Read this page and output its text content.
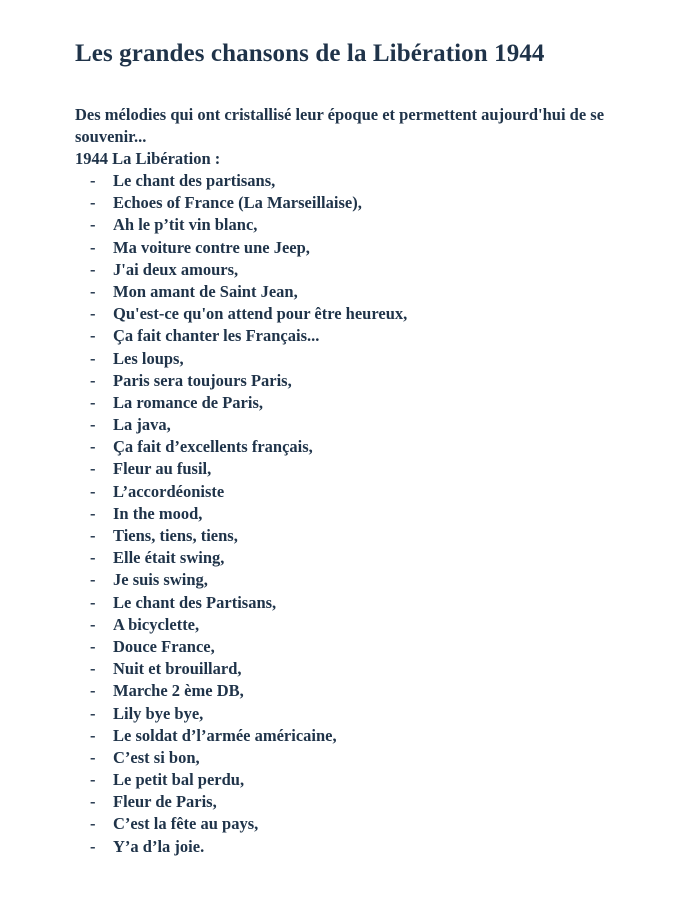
Les grandes chansons de la Libération 1944

Des mélodies qui ont cristallisé leur époque et permettent aujourd'hui de se souvenir...

1944 La Libération :

- Le chant des partisans,
- Echoes of France (La Marseillaise),
- Ah le p’tit vin blanc,
- Ma voiture contre une Jeep,
- J'ai deux amours,
- Mon amant de Saint Jean,
- Qu'est-ce qu'on attend pour être heureux,
- Ça fait chanter les Français...
- Les loups,
- Paris sera toujours Paris,
- La romance de Paris,
- La java,
- Ça fait d’excellents français,
- Fleur au fusil,
- L’accordéoniste
- In the mood,
- Tiens, tiens, tiens,
- Elle était swing,
- Je suis swing,
- Le chant des Partisans,
- A bicyclette,
- Douce France,
- Nuit et brouillard,
- Marche 2 ème DB,
- Lily bye bye,
- Le soldat d’l’armée américaine,
- C’est si bon,
- Le petit bal perdu,
- Fleur de Paris,
- C’est la fête au pays,
- Y’a d’la joie.
